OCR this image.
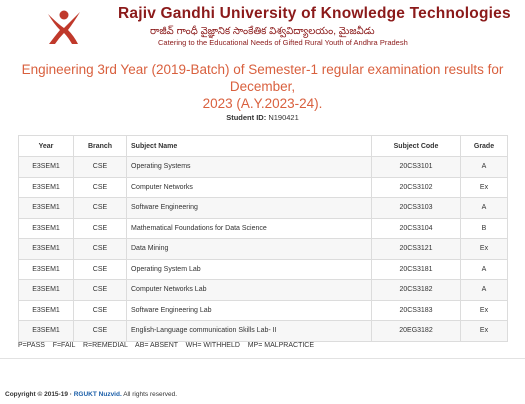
Rajiv Gandhi University of Knowledge Technologies
రాజీవ్ గాంధీ వైజ్ఞానిక సాంకేతిక విశ్వవిద్యాలయం, మైజవీడు
Catering to the Educational Needs of Gifted Rural Youth of Andhra Pradesh
Engineering 3rd Year (2019-Batch) of Semester-1 regular examination results for December,
2023 (A.Y.2023-24).
Student ID: N190421
Year	Branch	Subject Name	Subject Code	Grade
E3SEM1	CSE	Operating Systems	20CS3101	A
E3SEM1	CSE	Computer Networks	20CS3102	Ex
E3SEM1	CSE	Software Engineering	20CS3103	A
E3SEM1	CSE	Mathematical Foundations for Data Science	20CS3104	B
E3SEM1	CSE	Data Mining	20CS3121	Ex
E3SEM1	CSE	Operating System Lab	20CS3181	A
E3SEM1	CSE	Computer Networks Lab	20CS3182	A
E3SEM1	CSE	Software Engineering Lab	20CS3183	Ex
E3SEM1	CSE	English-Language communication Skills Lab- II	20EG3182	Ex
P=PASS    F=FAIL    R=REMEDIAL    AB= ABSENT    WH= WITHHELD    MP= MALPRACTICE
Copyright © 2015-19 · RGUKT Nuzvid. All rights reserved.
